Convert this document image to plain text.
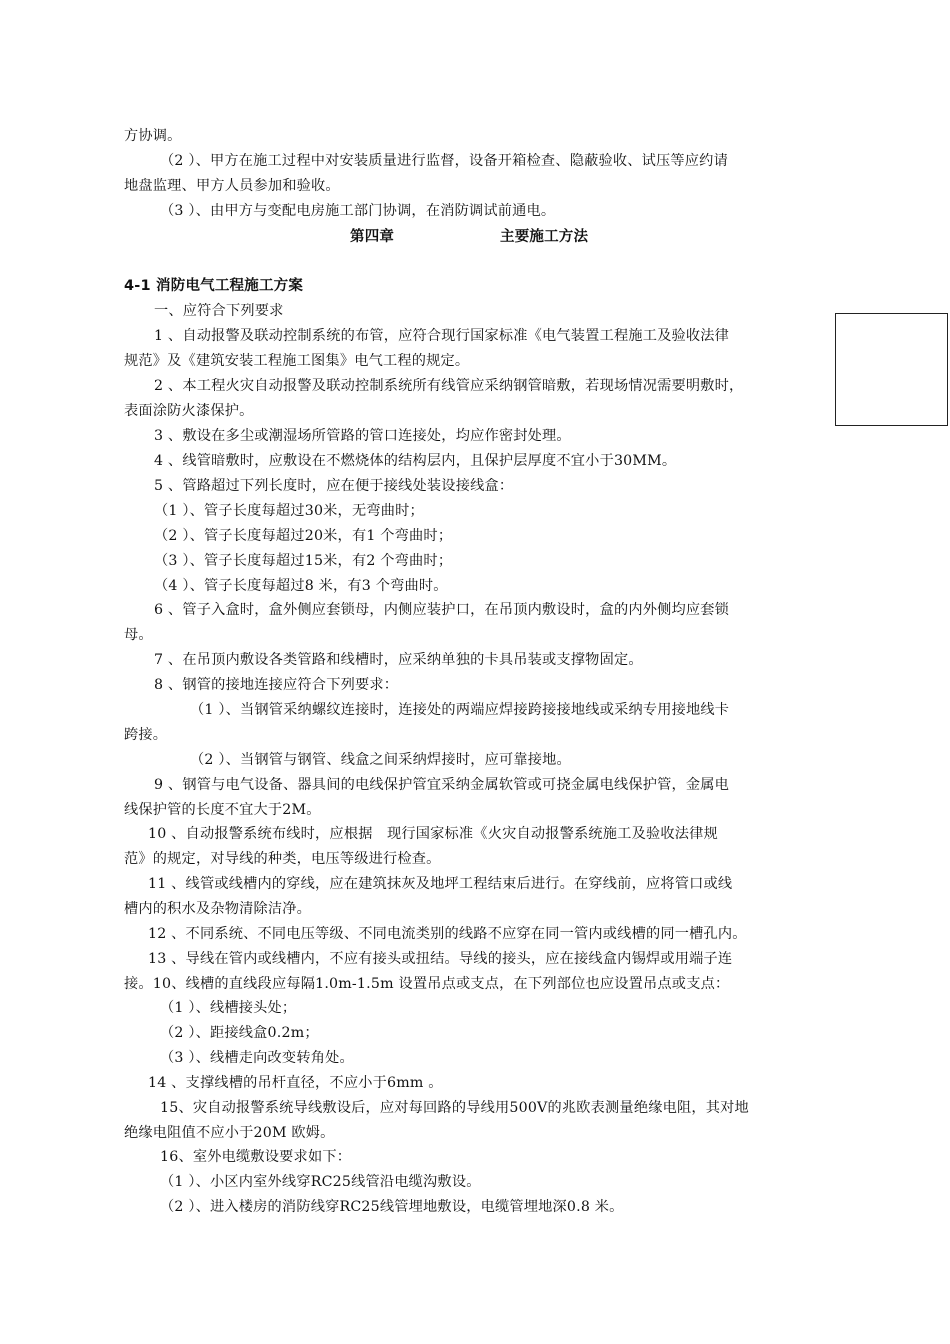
方协调。
（2 ）、甲方在施工过程中对安装质量进行监督，设备开箱检查、隐蔽验收、试压等应约请
地盘监理、甲方人员参加和验收。
（3 ）、由甲方与变配电房施工部门协调，在消防调试前通电。
第四章	主要施工方法
4-1 消防电气工程施工方案
一、应符合下列要求
1 、自动报警及联动控制系统的布管，应符合现行国家标准《电气装置工程施工及验收法律
规范》及《建筑安装工程施工图集》电气工程的规定。
2 、本工程火灾自动报警及联动控制系统所有线管应采纳钢管暗敷，若现场情况需要明敷时，
表面涂防火漆保护。
3 、敷设在多尘或潮湿场所管路的管口连接处，均应作密封处理。
4 、线管暗敷时，应敷设在不燃烧体的结构层内，且保护层厚度不宜小于30MM。
5 、管路超过下列长度时，应在便于接线处装设接线盒：
（1 ）、管子长度每超过30米，无弯曲时；
（2 ）、管子长度每超过20米，有1 个弯曲时；
（3 ）、管子长度每超过15米，有2 个弯曲时；
（4 ）、管子长度每超过8 米，有3 个弯曲时。
6 、管子入盒时，盒外侧应套锁母，内侧应装护口，在吊顶内敷设时，盒的内外侧均应套锁
母。
7 、在吊顶内敷设各类管路和线槽时，应采纳单独的卡具吊装或支撑物固定。
8 、钢管的接地连接应符合下列要求：
（1 ）、当钢管采纳螺纹连接时，连接处的两端应焊接跨接接地线或采纳专用接地线卡
跨接。
（2 ）、当钢管与钢管、线盒之间采纳焊接时，应可靠接地。
9 、钢管与电气设备、器具间的电线保护管宜采纳金属软管或可挠金属电线保护管，金属电
线保护管的长度不宜大于2M。
10 、自动报警系统布线时，应根据　现行国家标准《火灾自动报警系统施工及验收法律规
范》的规定，对导线的种类，电压等级进行检查。
11 、线管或线槽内的穿线，应在建筑抹灰及地坪工程结束后进行。在穿线前，应将管口或线
槽内的积水及杂物清除洁净。
12 、不同系统、不同电压等级、不同电流类别的线路不应穿在同一管内或线槽的同一槽孔内。
13 、导线在管内或线槽内，不应有接头或扭结。导线的接头，应在接线盒内锡焊或用端子连
接。10、线槽的直线段应每隔1.0m-1.5m 设置吊点或支点，在下列部位也应设置吊点或支点：
（1 ）、线槽接头处；
（2 ）、距接线盒0.2m；
（3 ）、线槽走向改变转角处。
14 、支撑线槽的吊杆直径，不应小于6mm 。
15、灾自动报警系统导线敷设后，应对每回路的导线用500V的兆欧表测量绝缘电阻，其对地
绝缘电阻值不应小于20M 欧姆。
16、室外电缆敷设要求如下：
（1 ）、小区内室外线穿RC25线管沿电缆沟敷设。
（2 ）、进入楼房的消防线穿RC25线管埋地敷设，电缆管埋地深0.8 米。
